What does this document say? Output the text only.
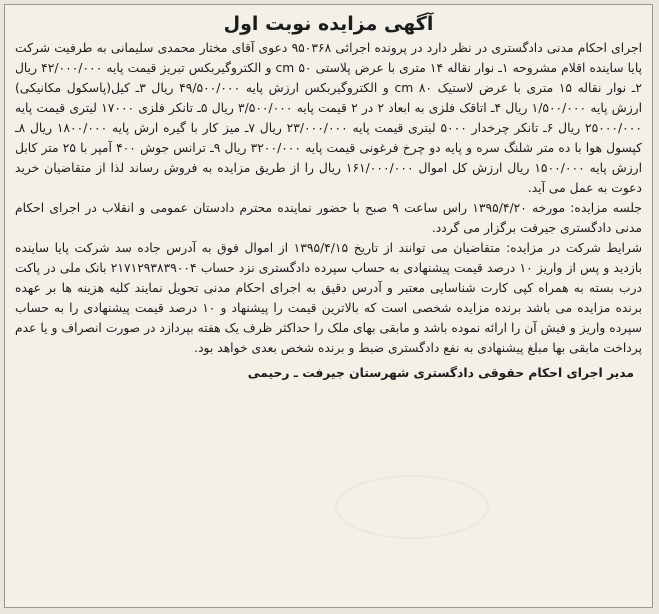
آگهی مزایده نوبت اول

اجرای احکام مدنی دادگستری در نظر دارد در پرونده اجرائی ۹۵۰۳۶۸ دعوی آقای مختار محمدی سلیمانی به طرفیت شرکت پایا ساینده اقلام مشروحه ۱ـ نوار نقاله ۱۴ متری با عرض پلاستی ۵۰ cm و الکتروگیربکس تبریز قیمت پایه ۴۲/۰۰۰/۰۰۰ ریال ۲ـ نوار نقاله ۱۵ متری با عرض لاستیک ۸۰ cm و الکتروگیربکس ارزش پایه ۴۹/۵۰۰/۰۰۰ ریال ۳ـ کیل(پاسکول مکانیکی) ارزش پایه ۱/۵۰۰/۰۰۰ ریال ۴ـ اتاقک فلزی به ابعاد ۲ در ۲ قیمت پایه ۳/۵۰۰/۰۰۰ ریال ۵ـ تانکر فلزی ۱۷۰۰۰ لیتری قیمت پایه ۲۵۰۰۰/۰۰۰ ریال ۶ـ تانکر چرخدار ۵۰۰۰ لیتری قیمت پایه ۲۳/۰۰۰/۰۰۰ ریال ۷ـ میز کار با گیره ارش پایه ۱۸۰۰/۰۰۰ ریال ۸ـ کپسول هوا با ده متر شلنگ سره و پایه دو چرخ فرغونی قیمت پایه ۳۲۰۰/۰۰۰ ریال ۹ـ ترانس جوش ۴۰۰ آمپر با ۲۵ متر کابل ارزش پایه ۱۵۰۰/۰۰۰ ریال ارزش کل اموال ۱۶۱/۰۰۰/۰۰۰ ریال را از طریق مزایده به فروش رساند لذا از متقاضیان خرید دعوت به عمل می آید.

جلسه مزایده: مورخه ۱۳۹۵/۴/۲۰ راس ساعت ۹ صبح با حضور نماینده محترم دادستان عمومی و انقلاب در اجرای احکام مدنی دادگستری جیرفت برگزار می گردد.

شرایط شرکت در مزایده: متقاضیان می توانند از تاریخ ۱۳۹۵/۴/۱۵ از اموال فوق به آدرس جاده سد شرکت پایا ساینده بازدید و پس از واریز ۱۰ درصد قیمت پیشنهادی به حساب سپرده دادگستری نزد حساب ۲۱۷۱۲۹۳۸۳۹۰۰۴ بانک ملی در پاکت درب بسته به همراه کپی کارت شناسایی معتبر و آدرس دقیق به اجرای احکام مدنی تحویل نمایند کلیه هزینه ها بر عهده برنده مزایده می باشد برنده مزایده شخصی است که بالاترین قیمت را پیشنهاد و ۱۰ درصد قیمت پیشنهادی را به حساب سپرده واریز و فیش آن را ارائه نموده باشد و مابقی بهای ملک را حداکثر ظرف یک هفته بپردازد در صورت انصراف و یا عدم پرداخت مابقی بها مبلغ پیشنهادی به نفع دادگستری ضبط و برنده شخص بعدی خواهد بود.

مدیر اجرای احکام حقوقی دادگستری شهرستان جیرفت ـ رحیمی
